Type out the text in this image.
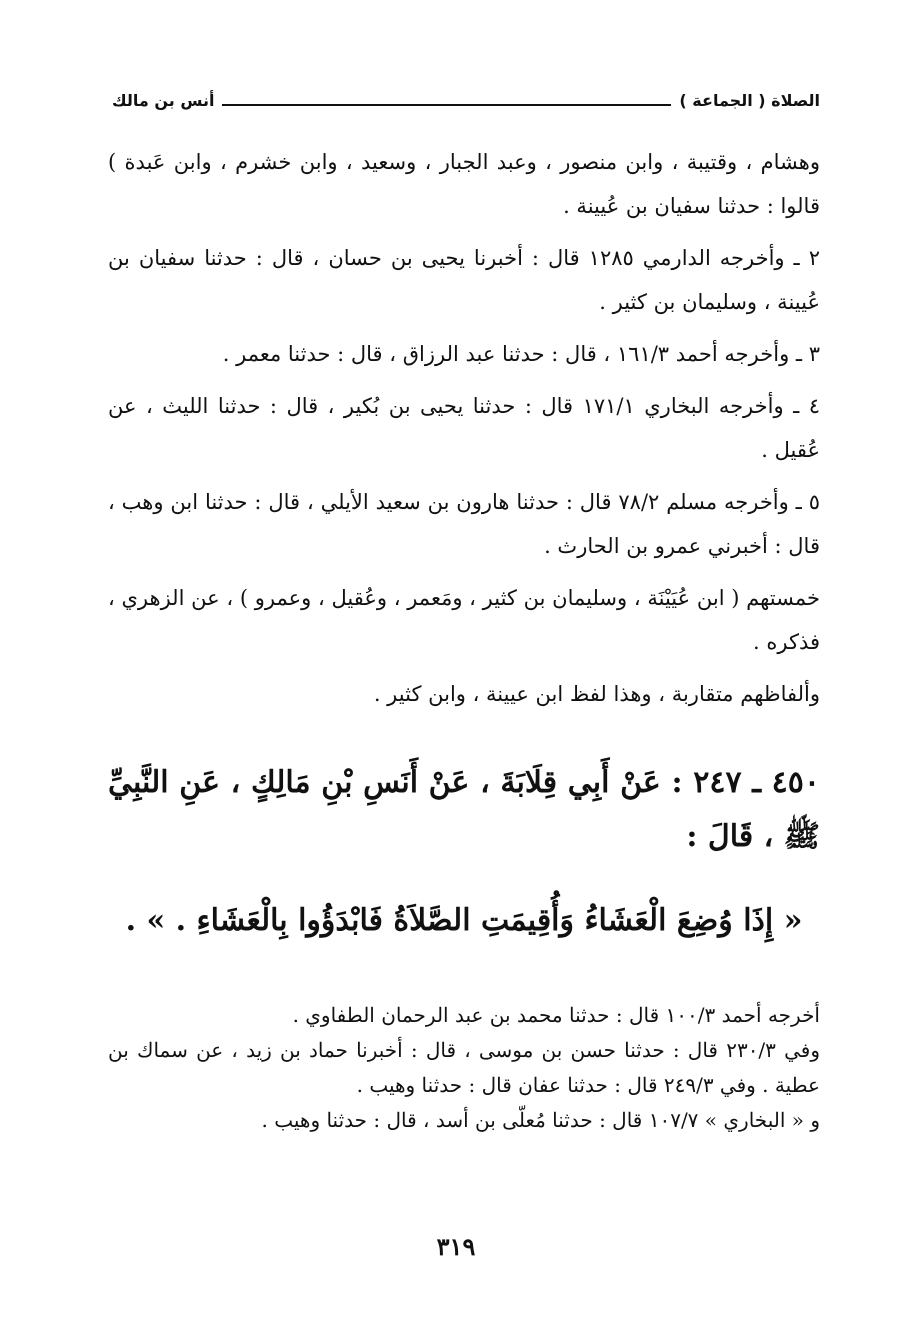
الصلاة ( الجماعة )
أنس بن مالك

وهشام ، وقتيبة ، وابن منصور ، وعبد الجبار ، وسعيد ، وابن خشرم ، وابن عَبدة ) قالوا : حدثنا سفيان بن عُيينة .

٢ ـ وأخرجه الدارمي ١٢٨٥ قال : أخبرنا يحيى بن حسان ، قال : حدثنا سفيان بن عُيينة ، وسليمان بن كثير .

٣ ـ وأخرجه أحمد ١٦١/٣ ، قال : حدثنا عبد الرزاق ، قال : حدثنا معمر .

٤ ـ وأخرجه البخاري ١٧١/١ قال : حدثنا يحيى بن بُكير ، قال : حدثنا الليث ، عن عُقيل .

٥ ـ وأخرجه مسلم ٧٨/٢ قال : حدثنا هارون بن سعيد الأيلي ، قال : حدثنا ابن وهب ، قال : أخبرني عمرو بن الحارث .

خمستهم ( ابن عُيَيْنَة ، وسليمان بن كثير ، ومَعمر ، وعُقيل ، وعمرو ) ، عن الزهري ، فذكره .

وألفاظهم متقاربة ، وهذا لفظ ابن عيينة ، وابن كثير .

٤٥٠ ـ ٢٤٧ : عَنْ أَبِي قِلَابَةَ ، عَنْ أَنَسِ بْنِ مَالِكٍ ، عَنِ النَّبِيِّ ﷺ ، قَالَ :

« إِذَا وُضِعَ الْعَشَاءُ وَأُقِيمَتِ الصَّلاَةُ فَابْدَؤُوا بِالْعَشَاءِ . » .

أخرجه أحمد ١٠٠/٣ قال : حدثنا محمد بن عبد الرحمان الطفاوي .

وفي ٢٣٠/٣ قال : حدثنا حسن بن موسى ، قال : أخبرنا حماد بن زيد ، عن سماك بن عطية . وفي ٢٤٩/٣ قال : حدثنا عفان قال : حدثنا وهيب .

و « البخاري » ١٠٧/٧ قال : حدثنا مُعلّى بن أسد ، قال : حدثنا وهيب .

٣١٩
